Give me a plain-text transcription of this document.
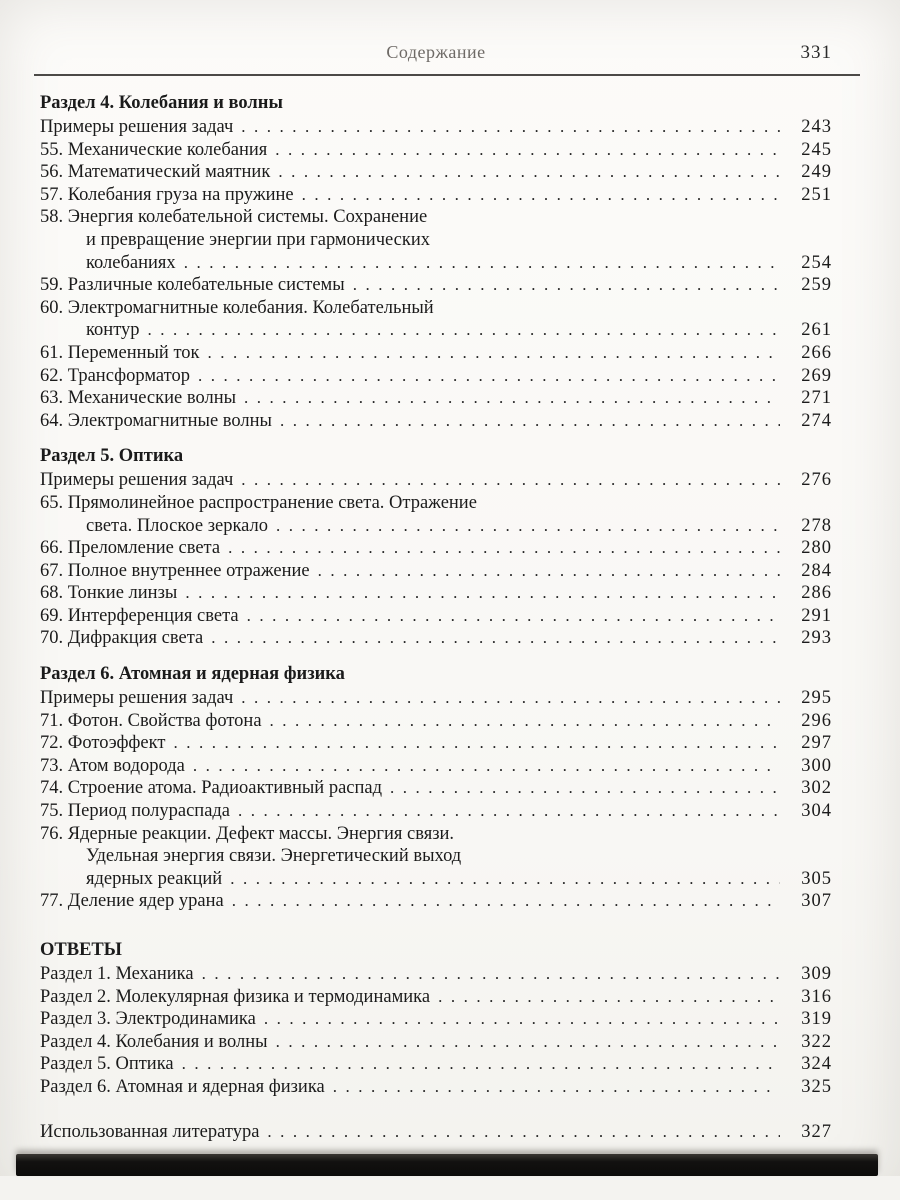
Содержание	331
Раздел 4. Колебания и волны
Примеры решения задач .....	243
55. Механические колебания .....	245
56. Математический маятник .....	249
57. Колебания груза на пружине .....	251
58. Энергия колебательной системы. Сохранение
и превращение энергии при гармонических
колебаниях .....	254
59. Различные колебательные системы .....	259
60. Электромагнитные колебания. Колебательный
контур .....	261
61. Переменный ток .....	266
62. Трансформатор .....	269
63. Механические волны .....	271
64. Электромагнитные волны .....	274
Раздел 5. Оптика
Примеры решения задач .....	276
65. Прямолинейное распространение света. Отражение
света. Плоское зеркало .....	278
66. Преломление света .....	280
67. Полное внутреннее отражение .....	284
68. Тонкие линзы .....	286
69. Интерференция света .....	291
70. Дифракция света .....	293
Раздел 6. Атомная и ядерная физика
Примеры решения задач .....	295
71. Фотон. Свойства фотона .....	296
72. Фотоэффект .....	297
73. Атом водорода .....	300
74. Строение атома. Радиоактивный распад .....	302
75. Период полураспада .....	304
76. Ядерные реакции. Дефект массы. Энергия связи.
Удельная энергия связи. Энергетический выход
ядерных реакций .....	305
77. Деление ядер урана .....	307
ОТВЕТЫ
Раздел 1. Механика .....	309
Раздел 2. Молекулярная физика и термодинамика .....	316
Раздел 3. Электродинамика .....	319
Раздел 4. Колебания и волны .....	322
Раздел 5. Оптика .....	324
Раздел 6. Атомная и ядерная физика .....	325
Использованная литература .....	327
